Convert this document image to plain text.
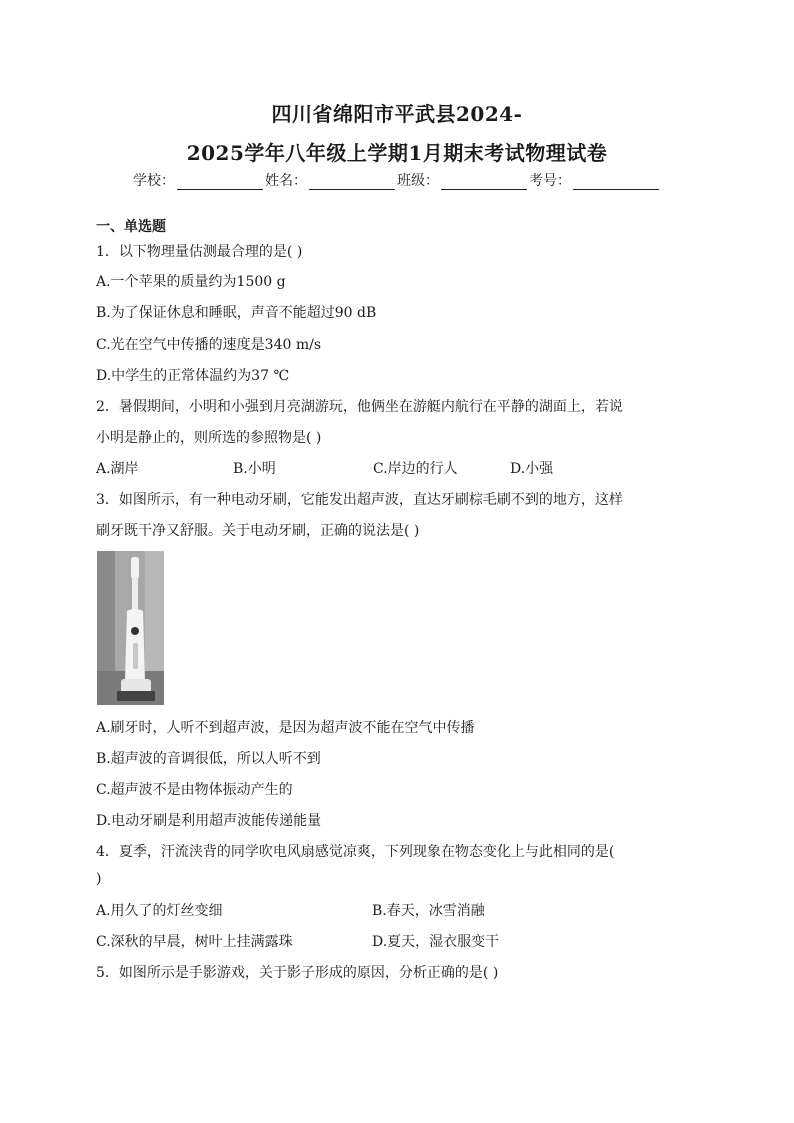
四川省绵阳市平武县2024-
2025学年八年级上学期1月期末考试物理试卷
学校：	姓名：	班级：	考号：
一、单选题
1．以下物理量估测最合理的是( )
A.一个苹果的质量约为1500 g
B.为了保证休息和睡眠，声音不能超过90 dB
C.光在空气中传播的速度是340 m/s
D.中学生的正常体温约为37 ℃
2．暑假期间，小明和小强到月亮湖游玩，他俩坐在游艇内航行在平静的湖面上，若说
小明是静止的，则所选的参照物是( )
A.湖岸	B.小明	C.岸边的行人	D.小强
3．如图所示，有一种电动牙刷，它能发出超声波，直达牙刷棕毛刷不到的地方，这样
刷牙既干净又舒服。关于电动牙刷，正确的说法是( )
A.刷牙时，人听不到超声波，是因为超声波不能在空气中传播
B.超声波的音调很低，所以人听不到
C.超声波不是由物体振动产生的
D.电动牙刷是利用超声波能传递能量
4．夏季，汗流浃背的同学吹电风扇感觉凉爽，下列现象在物态变化上与此相同的是(
)
A.用久了的灯丝变细	B.春天，冰雪消融
C.深秋的早晨，树叶上挂满露珠	D.夏天，湿衣服变干
5．如图所示是手影游戏，关于影子形成的原因，分析正确的是( )
